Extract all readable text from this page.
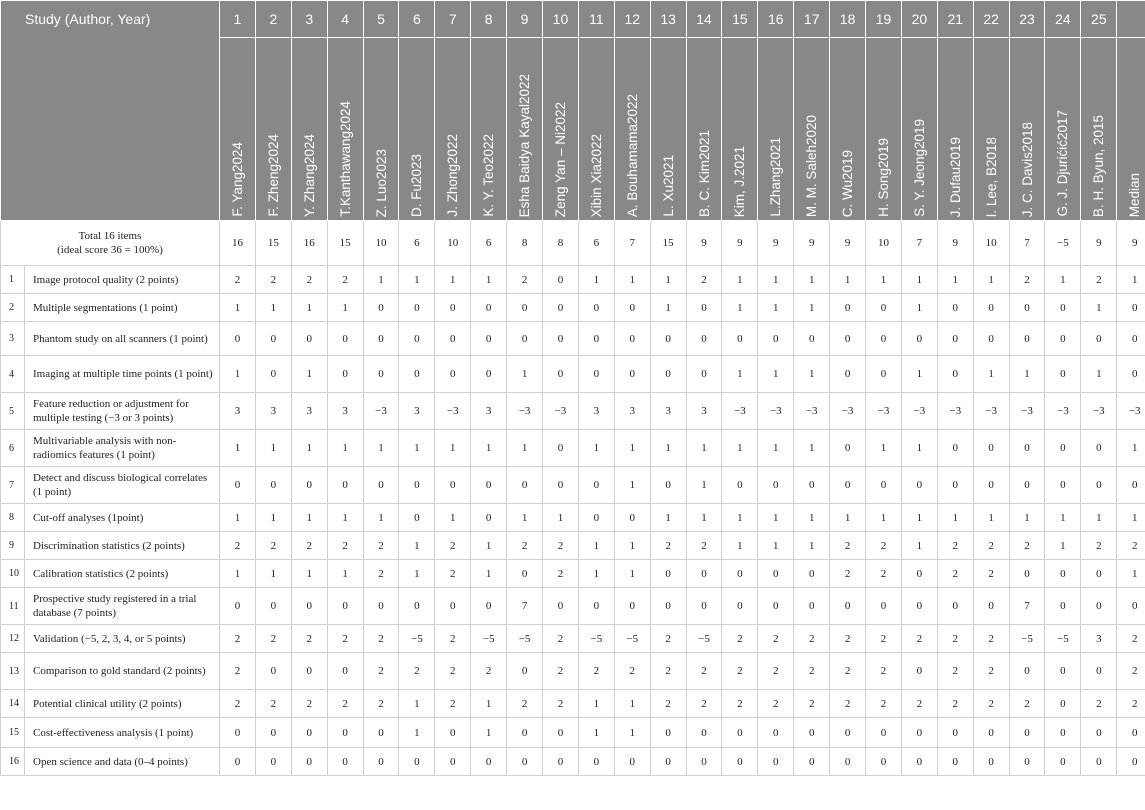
Study (Author, Year)		1	2	3	4	5	6	7	8	9	10	11	12	13	14	15	16	17	18	19	20	21	22	23	24	25	
		F. Yang2024	F. Zheng2024	Y. Zhang2024	T.Kanthawang2024	Z. Luo2023	D. Fu2023	J. Zhong2022	K. Y. Teo2022	Esha Baidya Kayal2022	Zeng Yan – Ni2022	Xibin Xia2022	A. Bouhamama2022	L. Xu2021	B. C. Kim2021	Kim, J.2021	L.Zhang2021	M. M. Saleh2020	C. Wu2019	H. Song2019	S. Y. Jeong2019	J. Dufau2019	I. Lee, B2018	J. C. Davis2018	G. J. Djurićić2017	B. H. Byun, 2015	Median

Total 16 items
(ideal score 36 = 100%)		16	15	16	15	10	6	10	6	8	8	6	7	15	9	9	9	9	9	10	7	9	10	7	−5	9	9
1	Image protocol quality (2 points)	2	2	2	2	1	1	1	1	2	0	1	1	1	2	1	1	1	1	1	1	1	1	2	1	2	1
2	Multiple segmentations (1 point)	1	1	1	1	0	0	0	0	0	0	0	0	1	0	1	1	1	0	0	1	0	0	0	0	1	0
3	Phantom study on all scanners (1 point)	0	0	0	0	0	0	0	0	0	0	0	0	0	0	0	0	0	0	0	0	0	0	0	0	0	0
4	Imaging at multiple time points (1 point)	1	0	1	0	0	0	0	0	1	0	0	0	0	0	1	1	1	0	0	1	0	1	1	0	1	0
5	Feature reduction or adjustment for multiple testing (−3 or 3 points)	3	3	3	3	−3	3	−3	3	−3	−3	3	3	3	3	−3	−3	−3	−3	−3	−3	−3	−3	−3	−3	−3	−3
6	Multivariable analysis with non-radiomics features (1 point)	1	1	1	1	1	1	1	1	1	0	1	1	1	1	1	1	1	0	1	1	0	0	0	0	0	1
7	Detect and discuss biological correlates (1 point)	0	0	0	0	0	0	0	0	0	0	0	1	0	1	0	0	0	0	0	0	0	0	0	0	0	0
8	Cut-off analyses (1point)	1	1	1	1	1	0	1	0	1	1	0	0	1	1	1	1	1	1	1	1	1	1	1	1	1	1
9	Discrimination statistics (2 points)	2	2	2	2	2	1	2	1	2	2	1	1	2	2	1	1	1	2	2	1	2	2	2	1	2	2
10	Calibration statistics (2 points)	1	1	1	1	2	1	2	1	0	2	1	1	0	0	0	0	0	2	2	0	2	2	0	0	0	1
11	Prospective study registered in a trial database (7 points)	0	0	0	0	0	0	0	0	7	0	0	0	0	0	0	0	0	0	0	0	0	0	7	0	0	0
12	Validation (−5, 2, 3, 4, or 5 points)	2	2	2	2	2	−5	2	−5	−5	2	−5	−5	2	−5	2	2	2	2	2	2	2	2	−5	−5	3	2
13	Comparison to gold standard (2 points)	2	0	0	0	2	2	2	2	0	2	2	2	2	2	2	2	2	2	2	0	2	2	0	0	0	2
14	Potential clinical utility (2 points)	2	2	2	2	2	1	2	1	2	2	1	1	2	2	2	2	2	2	2	2	2	2	2	0	2	2
15	Cost-effectiveness analysis (1 point)	0	0	0	0	0	1	0	1	0	0	1	1	0	0	0	0	0	0	0	0	0	0	0	0	0	0
16	Open science and data (0–4 points)	0	0	0	0	0	0	0	0	0	0	0	0	0	0	0	0	0	0	0	0	0	0	0	0	0	0
